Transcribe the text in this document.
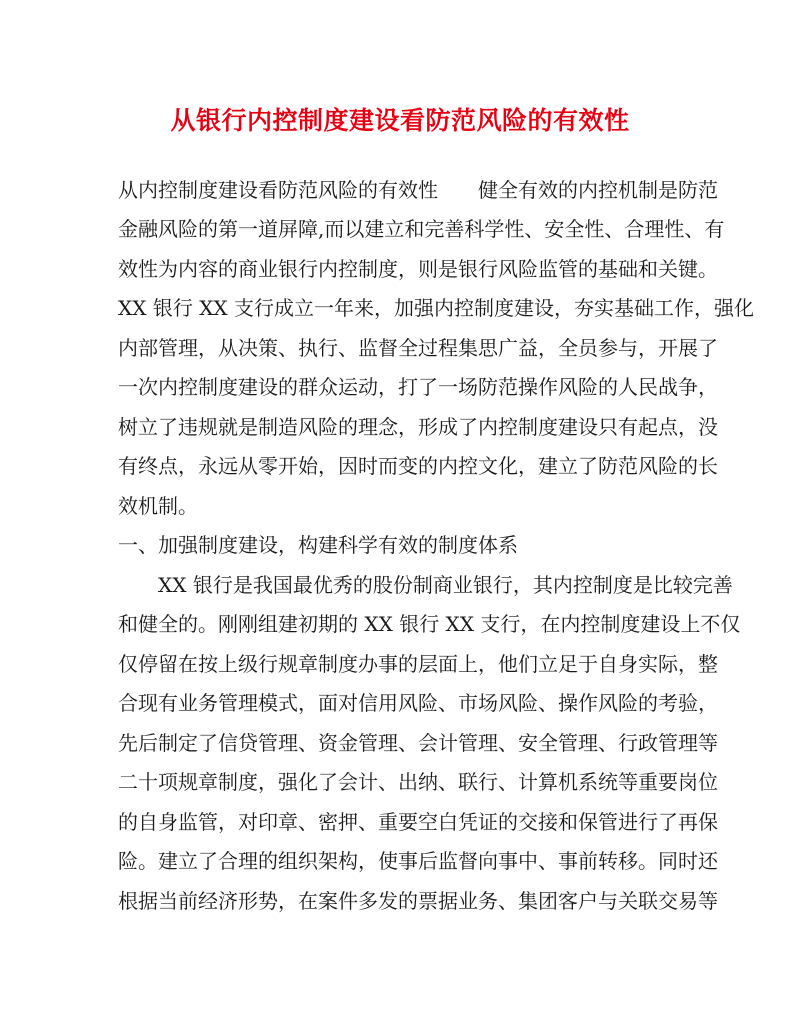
从银行内控制度建设看防范风险的有效性
从内控制度建设看防范风险的有效性　　健全有效的内控机制是防范
金融风险的第一道屏障,而以建立和完善科学性、安全性、合理性、有
效性为内容的商业银行内控制度，则是银行风险监管的基础和关键。
XX 银行 XX 支行成立一年来，加强内控制度建设，夯实基础工作，强化
内部管理，从决策、执行、监督全过程集思广益，全员参与，开展了
一次内控制度建设的群众运动，打了一场防范操作风险的人民战争，
树立了违规就是制造风险的理念，形成了内控制度建设只有起点，没
有终点，永远从零开始，因时而变的内控文化，建立了防范风险的长
效机制。
一、加强制度建设，构建科学有效的制度体系
XX 银行是我国最优秀的股份制商业银行，其内控制度是比较完善
和健全的。刚刚组建初期的 XX 银行 XX 支行，在内控制度建设上不仅
仅停留在按上级行规章制度办事的层面上，他们立足于自身实际，整
合现有业务管理模式，面对信用风险、市场风险、操作风险的考验，
先后制定了信贷管理、资金管理、会计管理、安全管理、行政管理等
二十项规章制度，强化了会计、出纳、联行、计算机系统等重要岗位
的自身监管，对印章、密押、重要空白凭证的交接和保管进行了再保
险。建立了合理的组织架构，使事后监督向事中、事前转移。同时还
根据当前经济形势，在案件多发的票据业务、集团客户与关联交易等
